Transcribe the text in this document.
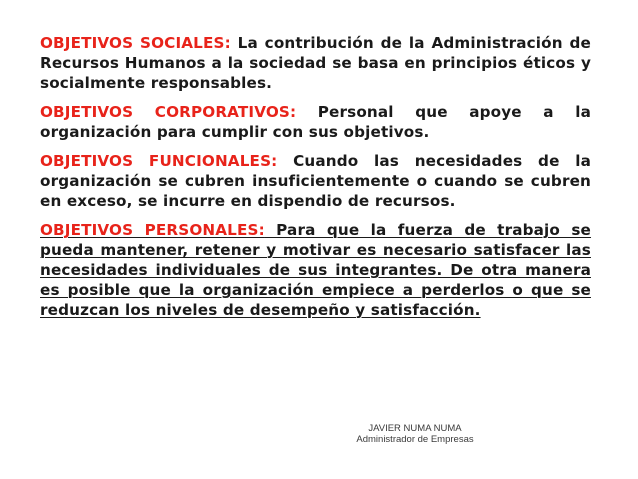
OBJETIVOS SOCIALES: La contribución de la Administración de Recursos Humanos a la sociedad se basa en principios éticos y socialmente responsables.

OBJETIVOS CORPORATIVOS: Personal que apoye a la organización para cumplir con sus objetivos.

OBJETIVOS FUNCIONALES: Cuando las necesidades de la organización se cubren insuficientemente o cuando se cubren en exceso, se incurre en dispendio de recursos.

OBJETIVOS PERSONALES: Para que la fuerza de trabajo se pueda mantener, retener y motivar es necesario satisfacer las necesidades individuales de sus integrantes. De otra manera es posible que la organización empiece a perderlos o que se reduzcan los niveles de desempeño y satisfacción.

JAVIER NUMA NUMA
Administrador de Empresas
